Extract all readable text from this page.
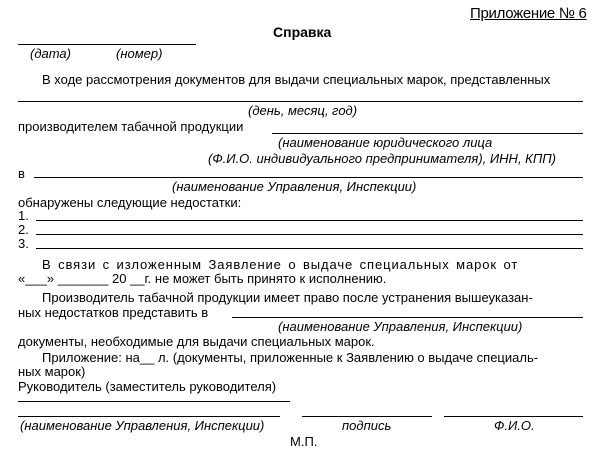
Приложение № 6
Справка
(дата)	(номер)
В ходе рассмотрения документов для выдачи специальных марок, представленных
(день, месяц, год)
производителем табачной продукции
(наименование юридического лица
(Ф.И.О. индивидуального предпринимателя), ИНН, КПП)
в
(наименование Управления, Инспекции)
обнаружены следующие недостатки:
1.
2.
3.
В связи с изложенным Заявление о выдаче специальных марок от
«___» _______ 20 __г. не может быть принято к исполнению.
Производитель табачной продукции имеет право после устранения вышеуказан-
ных недостатков представить в
(наименование Управления, Инспекции)
документы, необходимые для выдачи специальных марок.
Приложение: на__ л. (документы, приложенные к Заявлению о выдаче специаль-
ных марок)
Руководитель (заместитель руководителя)
(наименование Управления, Инспекции)	подпись	Ф.И.О.
М.П.
